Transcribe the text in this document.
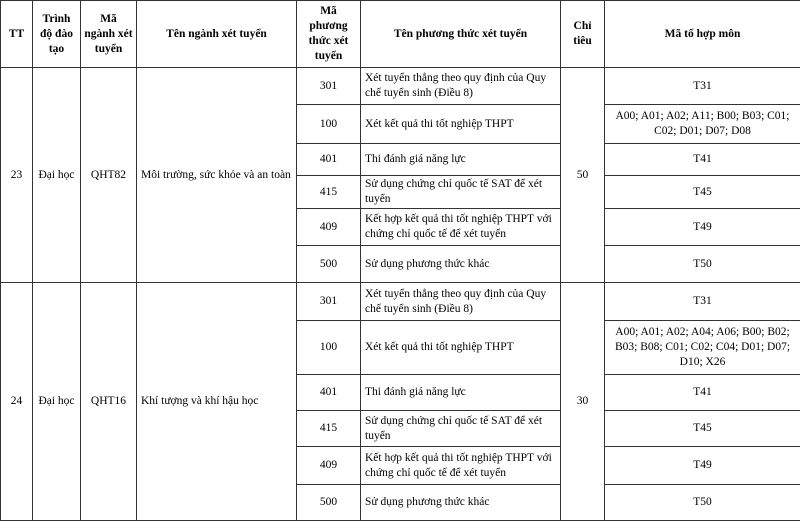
TT	Trình độ đào tạo	Mã ngành xét tuyển	Tên ngành xét tuyển	Mã phương thức xét tuyển	Tên phương thức xét tuyển	Chỉ tiêu	Mã tổ hợp môn
23	Đại học	QHT82	Môi trường, sức khỏe và an toàn	301	Xét tuyển thẳng theo quy định của Quy chế tuyển sinh (Điều 8)	50	T31
				100	Xét kết quả thi tốt nghiệp THPT		A00; A01; A02; A11; B00; B03; C01; C02; D01; D07; D08
				401	Thi đánh giá năng lực		T41
				415	Sử dụng chứng chỉ quốc tế SAT để xét tuyển		T45
				409	Kết hợp kết quả thi tốt nghiệp THPT với chứng chỉ quốc tế để xét tuyển		T49
				500	Sử dụng phương thức khác		T50
24	Đại học	QHT16	Khí tượng và khí hậu học	301	Xét tuyển thẳng theo quy định của Quy chế tuyển sinh (Điều 8)	30	T31
				100	Xét kết quả thi tốt nghiệp THPT		A00; A01; A02; A04; A06; B00; B02; B03; B08; C01; C02; C04; D01; D07; D10; X26
				401	Thi đánh giá năng lực		T41
				415	Sử dụng chứng chỉ quốc tế SAT để xét tuyển		T45
				409	Kết hợp kết quả thi tốt nghiệp THPT với chứng chỉ quốc tế để xét tuyển		T49
				500	Sử dụng phương thức khác		T50
